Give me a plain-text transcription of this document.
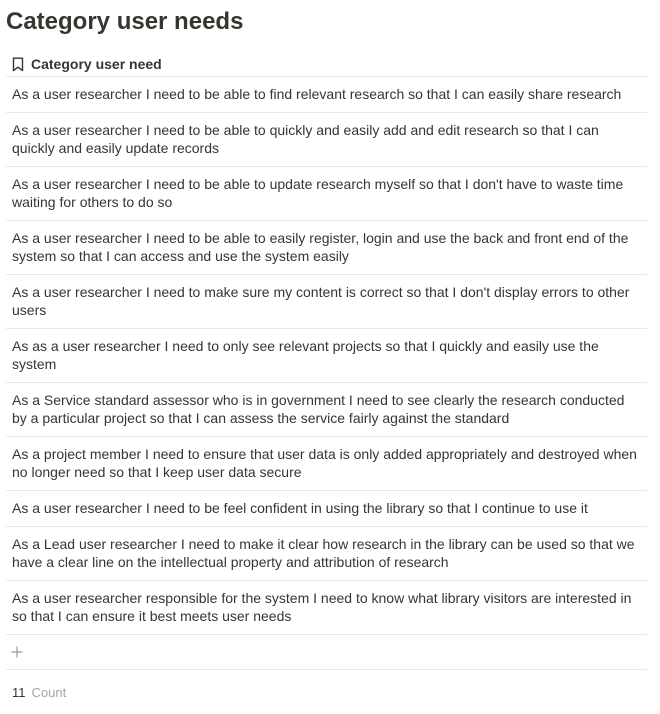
Category user needs
Category user need
As a user researcher I need to be able to find relevant research so that I can easily share research
As a user researcher I need to be able to quickly and easily add and edit research so that I can quickly and easily update records
As a user researcher I need to be able to update research myself so that I don't have to waste time waiting for others to do so
As a user researcher I need to be able to easily register, login and use the back and front end of the system so that I can access and use the system easily
As a user researcher I need to make sure my content is correct so that I don't display errors to other users
As as a user researcher I need to only see relevant projects so that I quickly and easily use the system
As a Service standard assessor who is in government I need to see clearly the research conducted by a particular project so that I can assess the service fairly against the standard
As a project member I need to ensure that user data is only added appropriately and destroyed when no longer need so that I keep user data secure
As a user researcher I need to be feel confident in using the library so that I continue to use it
As a Lead user researcher I need to make it clear how research in the library can be used so that we have a clear line on the intellectual property and attribution of research
As a user researcher responsible for the system I need to know what library visitors are interested in so that I can ensure it best meets user needs
11 Count
